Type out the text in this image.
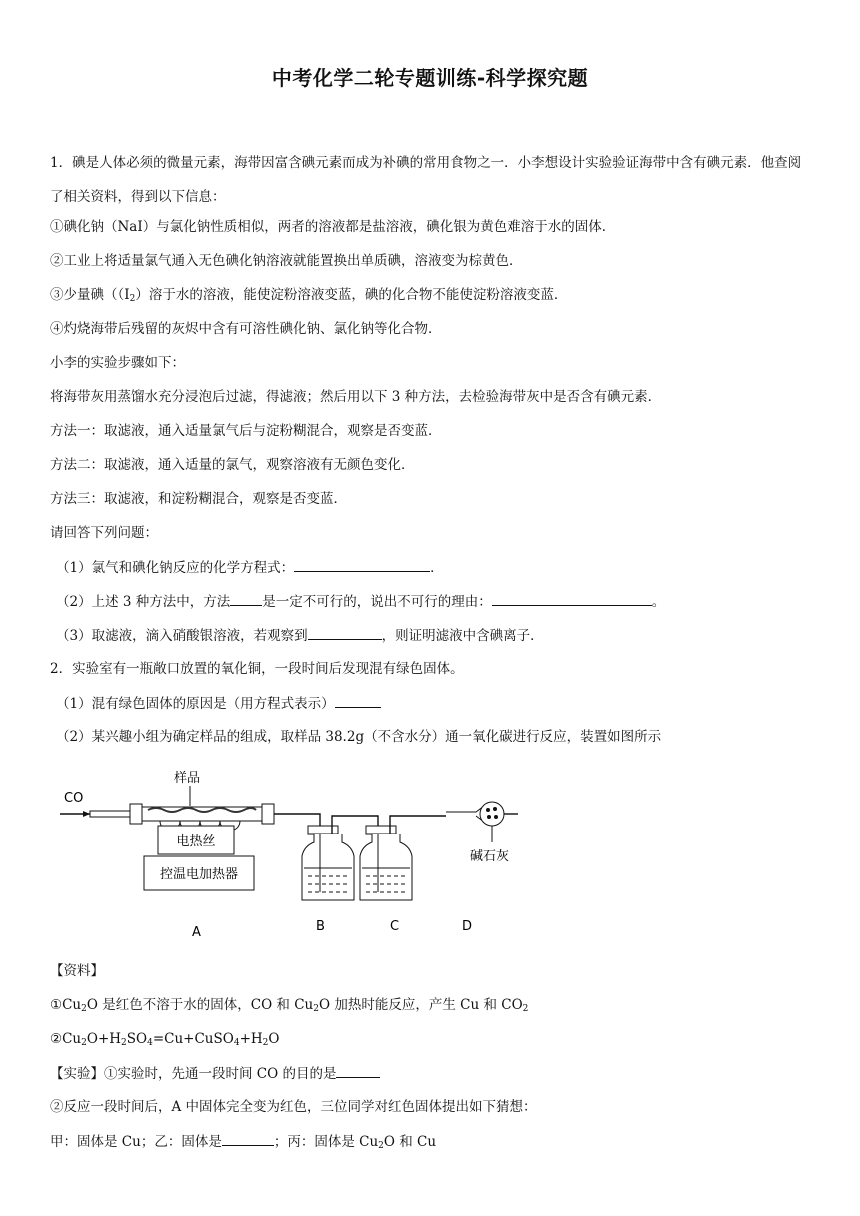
中考化学二轮专题训练-科学探究题
1．碘是人体必须的微量元素，海带因富含碘元素而成为补碘的常用食物之一．小李想设计实验验证海带中含有碘元素．他查阅了相关资料，得到以下信息：
①碘化钠（NaI）与氯化钠性质相似，两者的溶液都是盐溶液，碘化银为黄色难溶于水的固体．
②工业上将适量氯气通入无色碘化钠溶液就能置换出单质碘，溶液变为棕黄色．
③少量碘（$(I_2)$溶于水的溶液，能使淀粉溶液变蓝，碘的化合物不能使淀粉溶液变蓝．
④灼烧海带后残留的灰烬中含有可溶性碘化钠、氯化钠等化合物．
小李的实验步骤如下：
将海带灰用蒸馏水充分浸泡后过滤，得滤液；然后用以下 3 种方法，去检验海带灰中是否含有碘元素．
方法一：取滤液，通入适量氯气后与淀粉糊混合，观察是否变蓝．
方法二：取滤液，通入适量的氯气，观察溶液有无颜色变化．
方法三：取滤液，和淀粉糊混合，观察是否变蓝．
请回答下列问题：
（1）氯气和碘化钠反应的化学方程式：	．
（2）上述 3 种方法中，方法 是一定不可行的，说出不可行的理由：	。
（3）取滤液，滴入硝酸银溶液，若观察到	，则证明滤液中含碘离子．
2．实验室有一瓶敞口放置的氧化铜，一段时间后发现混有绿色固体。
（1）混有绿色固体的原因是（用方程式表示）
（2）某兴趣小组为确定样品的组成，取样品 38.2g（不含水分）通一氧化碳进行反应，装置如图所示
CO
样品
电热丝
控温电加热器
碱石灰
A	B	C	D
【资料】
$①Cu_2O$ 是红色不溶于水的固体，CO 和 $Cu_2O$ 加热时能反应，产生 Cu 和 $CO_2$
$②Cu_2O+H_2SO_4=Cu+CuSO_4+H_2O$
【实验】①实验时，先通一段时间 CO 的目的是
②反应一段时间后，A 中固体完全变为红色，三位同学对红色固体提出如下猜想：
甲：固体是 Cu；乙：固体是	；丙：固体是 $Cu_2O$ 和 Cu
